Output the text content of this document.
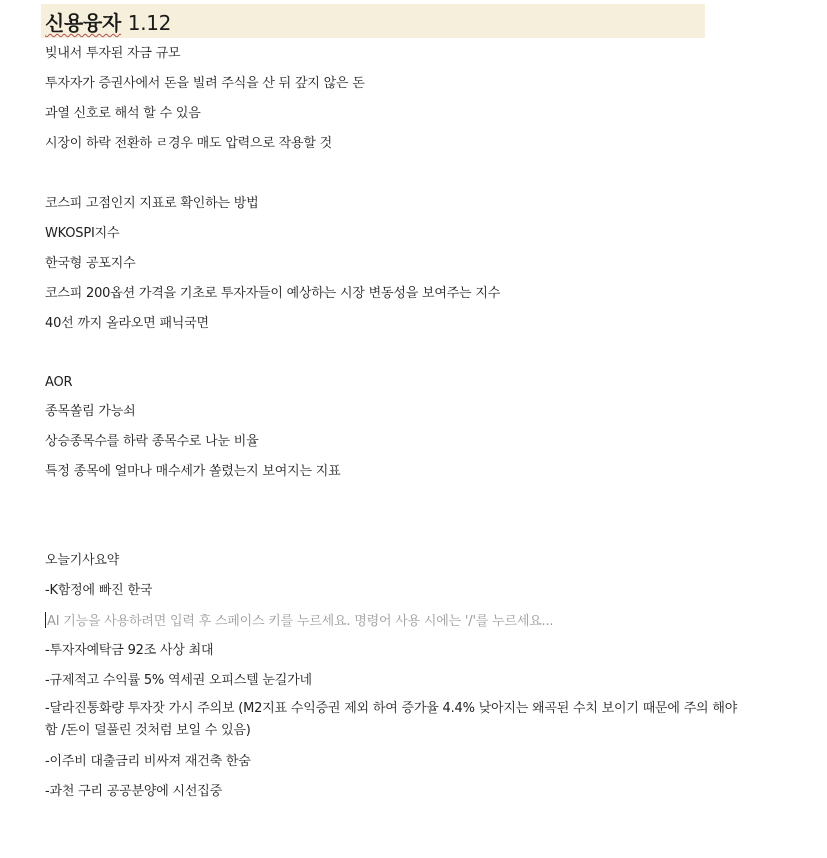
신용융자 1.12
빚내서 투자된 자금 규모
투자자가 증권사에서 돈을 빌려 주식을 산 뒤 갚지 않은 돈
과열 신호로 해석 할 수 있음
시장이 하락 전환하 ㄹ경우 매도 압력으로 작용할 것
코스피 고점인지 지표로 확인하는 방법
WKOSPI지수
한국형 공포지수
코스피 200옵션 가격을 기초로 투자자들이 예상하는 시장 변동성을 보여주는 지수
40선 까지 올라오면 패닉국면
AOR
종목쏠림 가능쇠
상승종목수를 하락 종목수로 나눈 비율
특정 종목에 얼마나 매수세가 쏠렸는지 보여지는 지표
오늘기사요약
-K함정에 빠진 한국
AI 기능을 사용하려면 입력 후 스페이스 키를 누르세요. 명령어 사용 시에는 '/'를 누르세요...
-투자자예탁금 92조 사상 최대
-규제적고 수익률 5% 역세권 오피스텔 눈길가네
-달라진통화량 투자잣 가시 주의보 (M2지표 수익증권 제외 하여 증가율 4.4% 낮아지는 왜곡된 수치 보이기 때문에 주의 해야함 /돈이 덜풀린 것처럼 보일 수 있음)
-이주비 대출금리 비싸져 재건축 한숨
-과천 구리 공공분양에 시선집중
